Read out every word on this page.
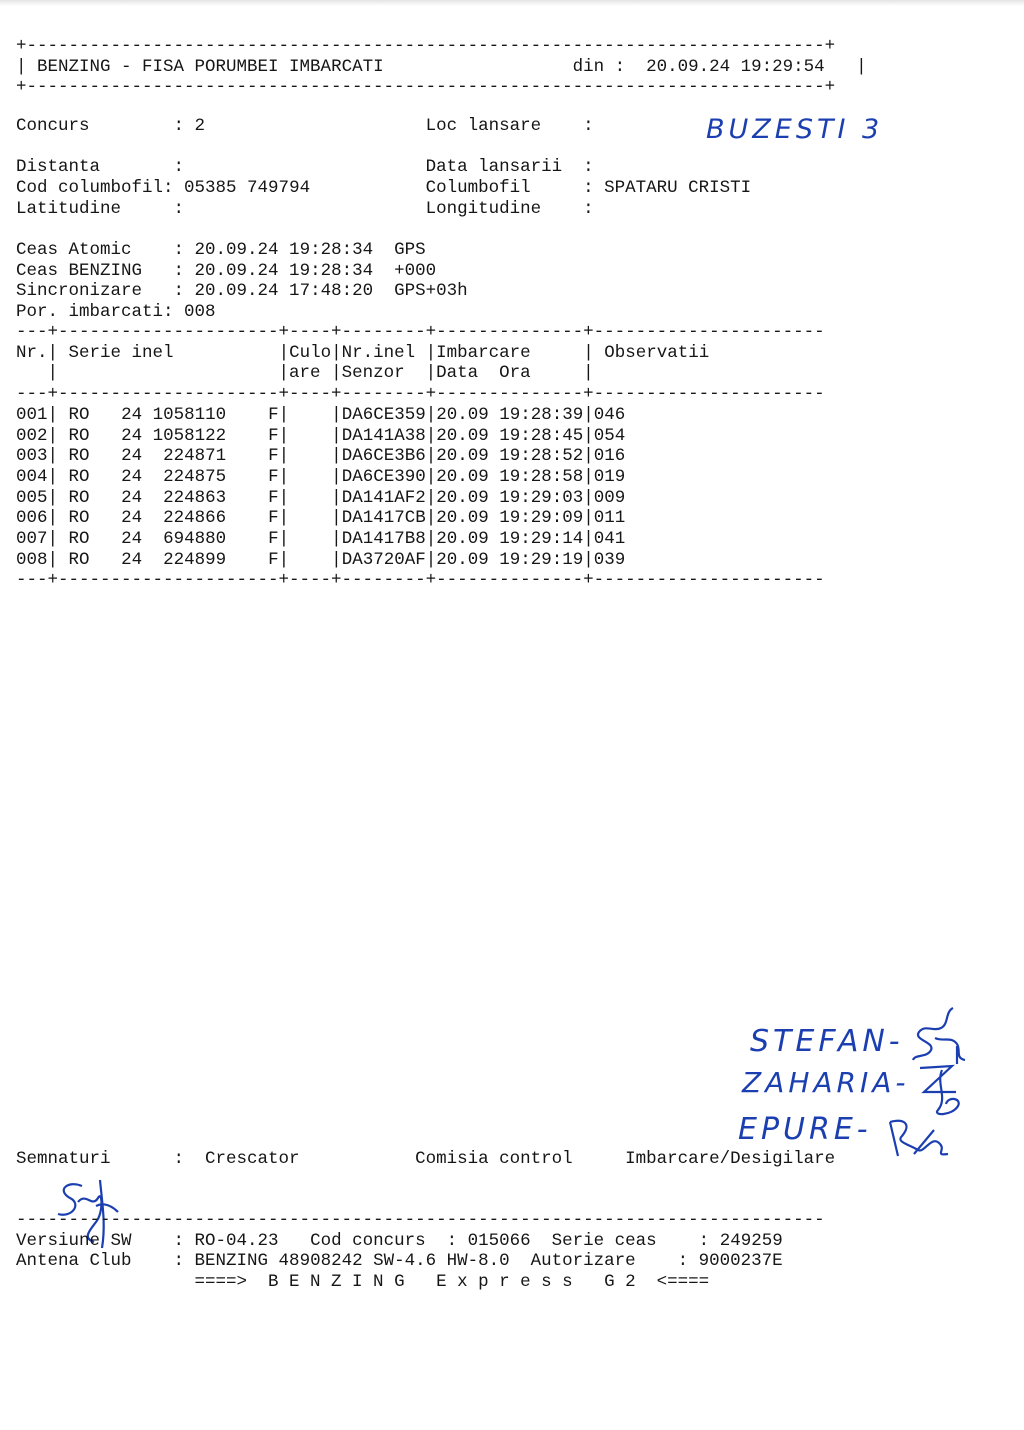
+----------------------------------------------------------------------------+
| BENZING - FISA PORUMBEI IMBARCATI	din : 20.09.24 19:29:54   |
+----------------------------------------------------------------------------+
Concurs        : 2                     Loc lansare    :

Distanta       :	Data lansarii  :
Cod columbofil: 05385 749794           Columbofil     : SPATARU CRISTI
Latitudine     :	Longitudine    :
BUZESTI 3
Ceas Atomic    : 20.09.24 19:28:34 GPS
Ceas BENZING   : 20.09.24 19:28:34 +000
Sincronizare   : 20.09.24 17:48:20 GPS+03h
Por. imbarcati: 008
---+---------------------+----+--------+--------------+----------------------
Nr.| Serie inel          |Culo|Nr.inel |Imbarcare     | Observatii
|                     |are |Senzor  |Data  Ora     |
---+---------------------+----+--------+--------------+----------------------
001| RO   24 1058110 F| |DA6CE359|20.09 19:28:39|046
002| RO   24 1058122 F| |DA141A38|20.09 19:28:45|054
003| RO   24  224871 F| |DA6CE3B6|20.09 19:28:52|016
004| RO   24  224875 F| |DA6CE390|20.09 19:28:58|019
005| RO   24  224863 F| |DA141AF2|20.09 19:29:03|009
006| RO   24  224866 F| |DA1417CB|20.09 19:29:09|011
007| RO   24  694880 F| |DA1417B8|20.09 19:29:14|041
008| RO   24  224899 F| |DA3720AF|20.09 19:29:19|039
---+---------------------+----+--------+--------------+----------------------
STEFAN-
ZAHARIA-
EPURE-
Semnaturi      :  Crescator           Comisia control     Imbarcare/Desigilare
-----------------------------------------------------------------------------
Versiune SW    : RO-04.23   Cod concurs  : 015066  Serie ceas    : 249259
Antena Club    : BENZING 48908242 SW-4.6 HW-8.0  Autorizare    : 9000237E
====>  B E N Z I N G   E x p r e s s   G 2  <====
